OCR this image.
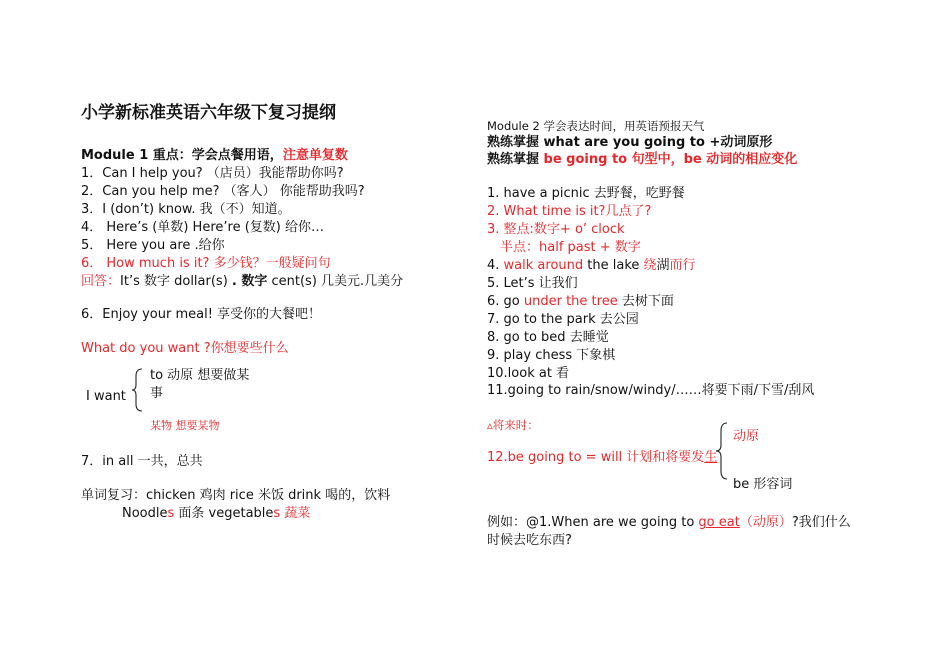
小学新标准英语六年级下复习提纲
Module 1 重点：学会点餐用语，注意单复数
1．Can I help you? （店员）我能帮助你吗?
2．Can you help me? （客人） 你能帮助我吗?
3．I (don’t) know. 我（不）知道。
4． Here’s (单数) Here’re (复数) 给你…
5． Here you are .给你
6． How much is it? 多少钱？一般疑问句
回答：It’s 数字 dollar(s) . 数字 cent(s) 几美元.几美分
6．Enjoy your meal! 享受你的大餐吧！
What do you want ?你想要些什么
to 动原 想要做某
事
I want
某物 想要某物
7．in all 一共，总共
单词复习：chicken 鸡肉 rice 米饭 drink 喝的，饮料
Noodles 面条 vegetables 蔬菜
Module 2 学会表达时间，用英语预报天气
熟练掌握 what are you going to +动词原形
熟练掌握 be going to 句型中，be 动词的相应变化
1. have a picnic 去野餐，吃野餐
2. What time is it?几点了?
3. 整点:数字+ o’ clock
半点：half past + 数字
4. walk around the lake 绕湖而行
5. Let’s 让我们
6. go under the tree 去树下面
7. go to the park 去公园
8. go to bed 去睡觉
9. play chess 下象棋
10.look at 看
11.going to rain/snow/windy/……将要下雨/下雪/刮风
▵将来时：
动原
12.be going to = will 计划和将要发生
be 形容词
例如：@1.When are we going to go eat（动原）?我们什么
时候去吃东西?
